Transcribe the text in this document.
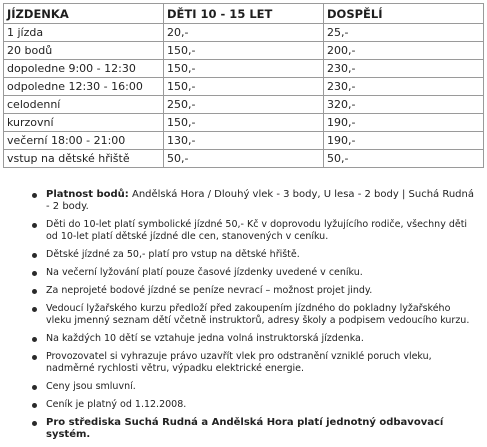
JÍZDENKA	DĚTI 10 - 15 LET	DOSPĚLÍ
1 jízda	20,-	25,-
20 bodů	150,-	200,-
dopoledne 9:00 - 12:30	150,-	230,-
odpoledne 12:30 - 16:00	150,-	230,-
celodenní	250,-	320,-
kurzovní	150,-	190,-
večerní 18:00 - 21:00	130,-	190,-
vstup na dětské hřiště	50,-	50,-
Platnost bodů: Andělská Hora / Dlouhý vlek - 3 body, U lesa - 2 body | Suchá Rudná - 2 body.
Děti do 10-let platí symbolické jízdné 50,- Kč v doprovodu lyžujícího rodiče, všechny děti od 10-let platí dětské jízdné dle cen, stanovených v ceníku.
Dětské jízdné za 50,- platí pro vstup na dětské hřiště.
Na večerní lyžování platí pouze časové jízdenky uvedené v ceníku.
Za neprojeté bodové jízdné se peníze nevrací – možnost projet jindy.
Vedoucí lyžařského kurzu předloží před zakoupením jízdného do pokladny lyžařského vleku jmenný seznam dětí včetně instruktorů, adresy školy a podpisem vedoucího kurzu.
Na každých 10 dětí se vztahuje jedna volná instruktorská jízdenka.
Provozovatel si vyhrazuje právo uzavřít vlek pro odstranění vzniklé poruch vleku, nadměrné rychlosti větru, výpadku elektrické energie.
Ceny jsou smluvní.
Ceník je platný od 1.12.2008.
Pro střediska Suchá Rudná a Andělská Hora platí jednotný odbavovací systém.
